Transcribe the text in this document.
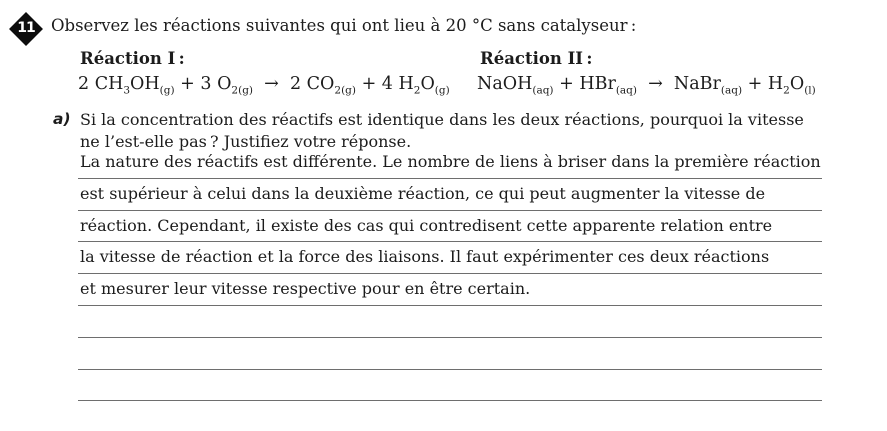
11 Observez les réactions suivantes qui ont lieu à 20 °C sans catalyseur :
Réaction I :	Réaction II :
2 $CH_3OH_{(g)} + 3$ $O_{2(g)} \to 2$ $CO_{2(g)} + 4$ $H_2O_{(g)}$ NaOH$_{(aq)}$ + HBr$_{(aq)}$  →  NaBr$_{(aq)}$ + $H_2O_{(l)}$
a) Si la concentration des réactifs est identique dans les deux réactions, pourquoi la vitesse
ne l’est-elle pas ? Justifiez votre réponse.
La nature des réactifs est différente. Le nombre de liens à briser dans la première réaction
est supérieur à celui dans la deuxième réaction, ce qui peut augmenter la vitesse de
réaction. Cependant, il existe des cas qui contredisent cette apparente relation entre
la vitesse de réaction et la force des liaisons. Il faut expérimenter ces deux réactions
et mesurer leur vitesse respective pour en être certain.
